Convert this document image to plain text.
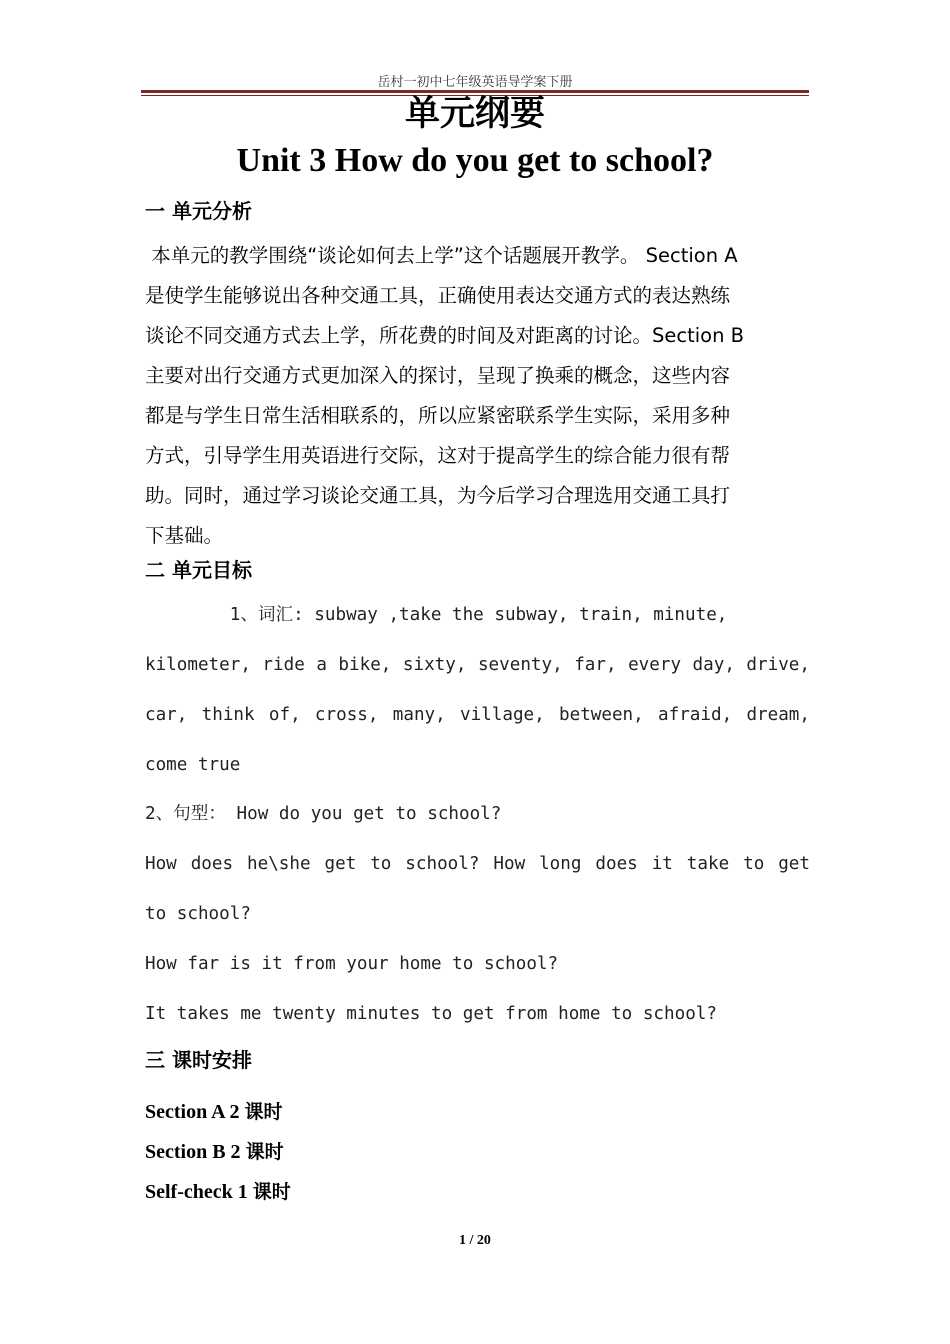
岳村一初中七年级英语导学案下册
单元纲要
Unit 3 How do you get to school?
一 单元分析
本单元的教学围绕“谈论如何去上学”这个话题展开教学。 Section A
是使学生能够说出各种交通工具，正确使用表达交通方式的表达熟练
谈论不同交通方式去上学，所花费的时间及对距离的讨论。Section B
主要对出行交通方式更加深入的探讨，呈现了换乘的概念，这些内容
都是与学生日常生活相联系的，所以应紧密联系学生实际，采用多种
方式，引导学生用英语进行交际，这对于提高学生的综合能力很有帮
助。同时，通过学习谈论交通工具，为今后学习合理选用交通工具打
下基础。
二 单元目标
1、词汇: subway ,take the subway, train, minute,
kilometer, ride a bike, sixty, seventy, far, every day, drive,
car, think of, cross, many, village, between, afraid, dream,
come true
2、句型： How do you get to school?
How does he\she get to school? How long does it take to get
to school?
How far is it from your home to school?
It takes me twenty minutes to get from home to school?
三 课时安排
Section A 2 课时
Section B 2 课时
Self-check 1 课时
1 / 20
